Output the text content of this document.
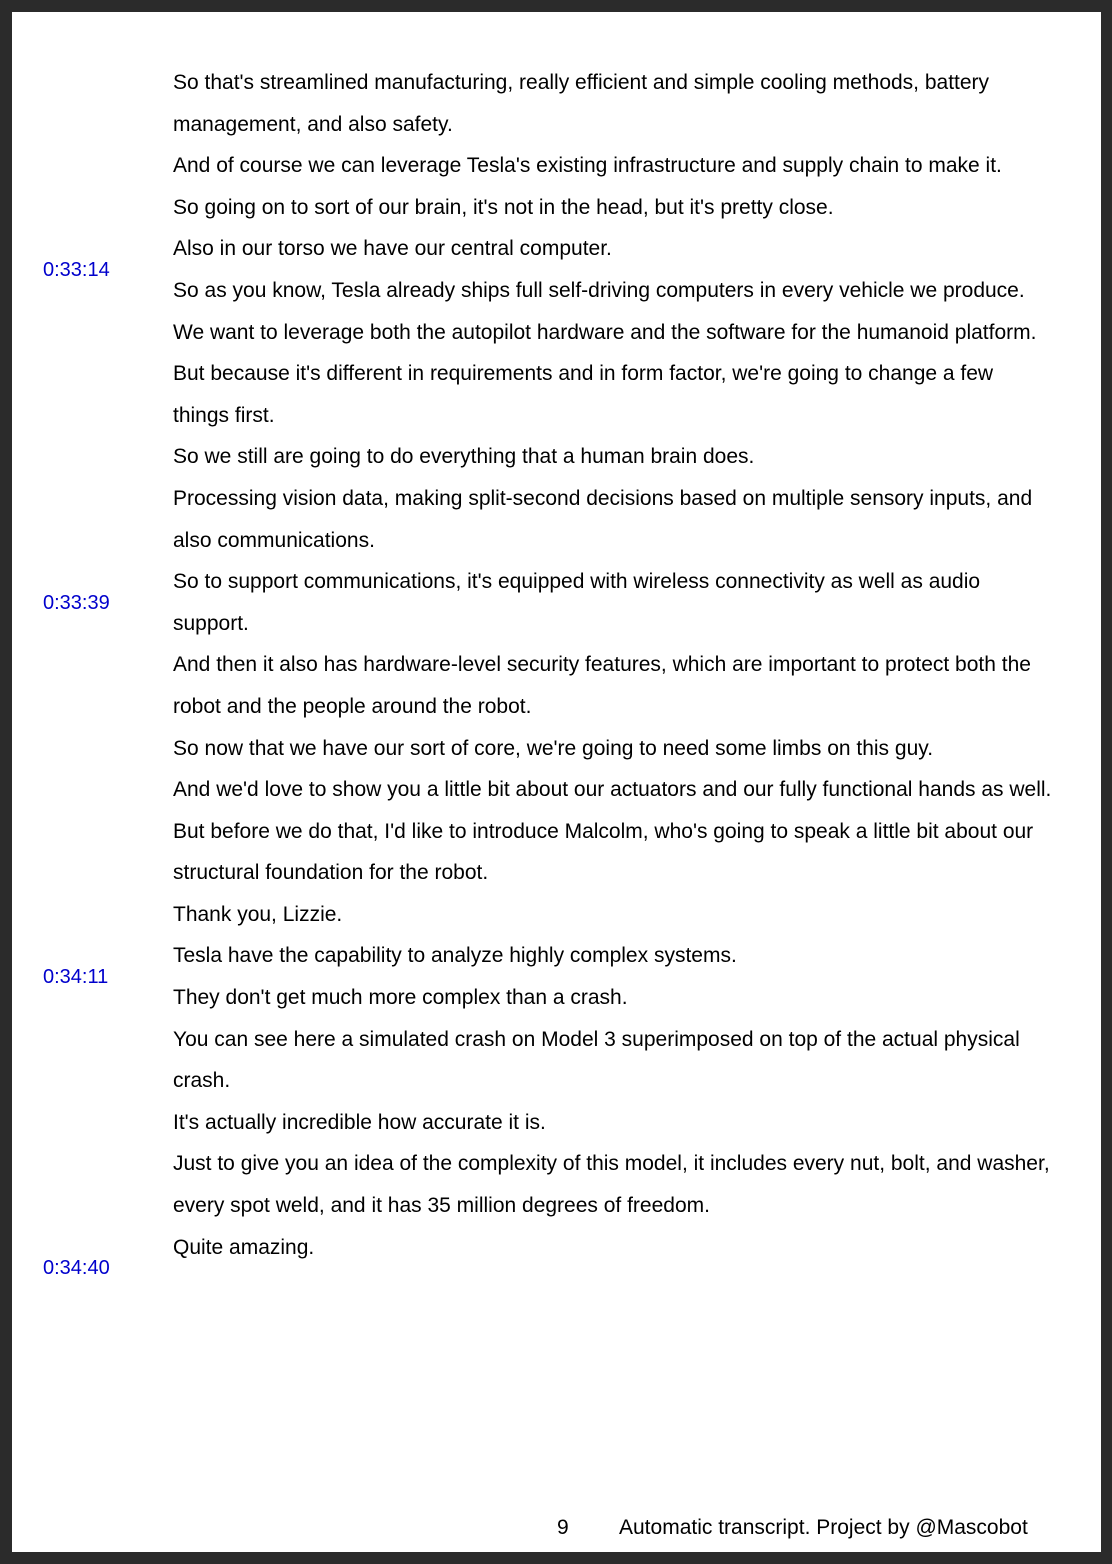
0:33:14
0:33:39
0:34:11
0:34:40
So that's streamlined manufacturing, really efficient and simple cooling methods, battery management, and also safety.
And of course we can leverage Tesla's existing infrastructure and supply chain to make it.
So going on to sort of our brain, it's not in the head, but it's pretty close.
Also in our torso we have our central computer.
So as you know, Tesla already ships full self-driving computers in every vehicle we produce.
We want to leverage both the autopilot hardware and the software for the humanoid platform.
But because it's different in requirements and in form factor, we're going to change a few things first.
So we still are going to do everything that a human brain does.
Processing vision data, making split-second decisions based on multiple sensory inputs, and also communications.
So to support communications, it's equipped with wireless connectivity as well as audio support.
And then it also has hardware-level security features, which are important to protect both the robot and the people around the robot.
So now that we have our sort of core, we're going to need some limbs on this guy.
And we'd love to show you a little bit about our actuators and our fully functional hands as well.
But before we do that, I'd like to introduce Malcolm, who's going to speak a little bit about our structural foundation for the robot.
Thank you, Lizzie.
Tesla have the capability to analyze highly complex systems.
They don't get much more complex than a crash.
You can see here a simulated crash on Model 3 superimposed on top of the actual physical crash.
It's actually incredible how accurate it is.
Just to give you an idea of the complexity of this model, it includes every nut, bolt, and washer, every spot weld, and it has 35 million degrees of freedom.
Quite amazing.
9 Automatic transcript. Project by @Mascobot
